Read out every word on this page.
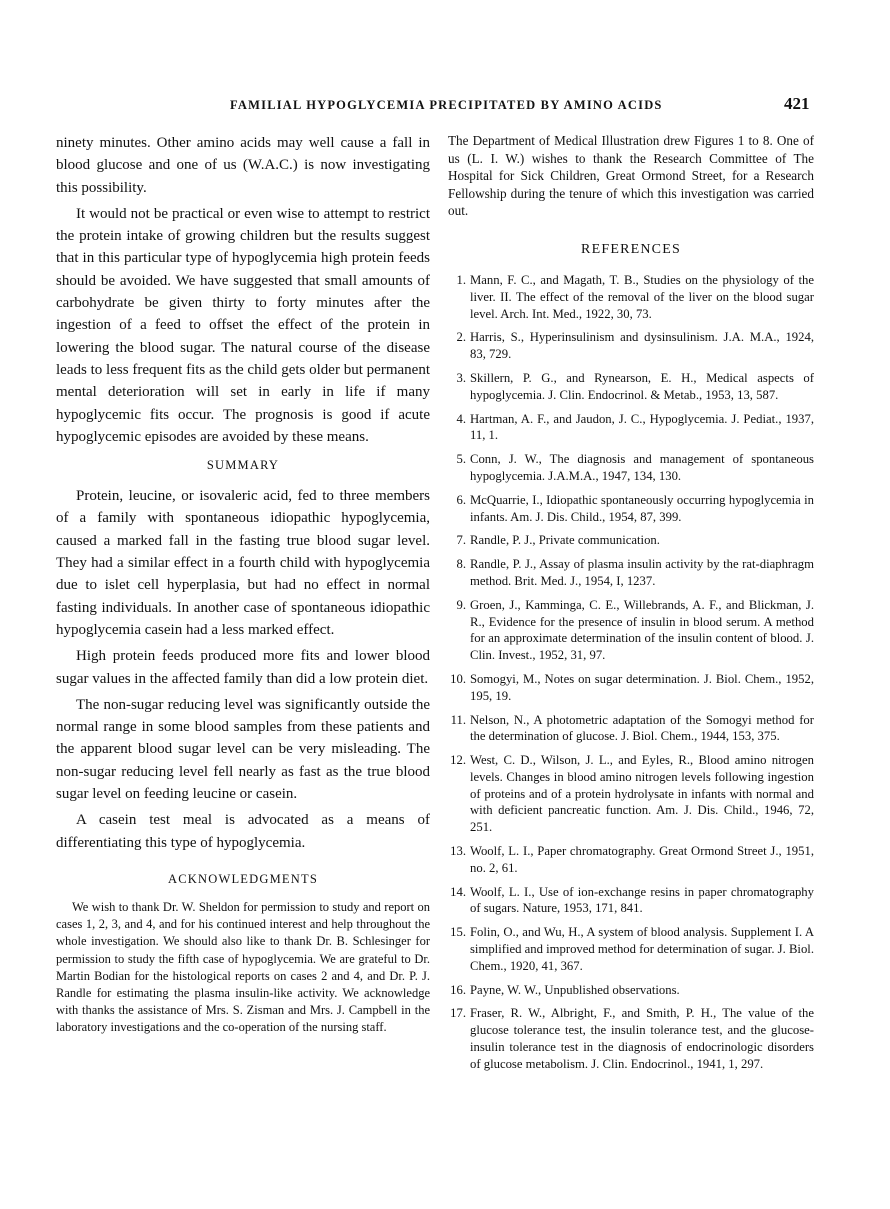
FAMILIAL HYPOGLYCEMIA PRECIPITATED BY AMINO ACIDS	421

ninety minutes. Other amino acids may well cause a fall in blood glucose and one of us (W.A.C.) is now investigating this possibility.

It would not be practical or even wise to attempt to restrict the protein intake of growing children but the results suggest that in this particular type of hypoglycemia high protein feeds should be avoided. We have suggested that small amounts of carbohydrate be given thirty to forty minutes after the ingestion of a feed to offset the effect of the protein in lowering the blood sugar. The natural course of the disease leads to less frequent fits as the child gets older but permanent mental deterioration will set in early in life if many hypoglycemic fits occur. The prognosis is good if acute hypoglycemic episodes are avoided by these means.

SUMMARY

Protein, leucine, or isovaleric acid, fed to three members of a family with spontaneous idiopathic hypoglycemia, caused a marked fall in the fasting true blood sugar level. They had a similar effect in a fourth child with hypoglycemia due to islet cell hyperplasia, but had no effect in normal fasting individuals. In another case of spontaneous idiopathic hypoglycemia casein had a less marked effect.

High protein feeds produced more fits and lower blood sugar values in the affected family than did a low protein diet.

The non-sugar reducing level was significantly outside the normal range in some blood samples from these patients and the apparent blood sugar level can be very misleading. The non-sugar reducing level fell nearly as fast as the true blood sugar level on feeding leucine or casein.

A casein test meal is advocated as a means of differentiating this type of hypoglycemia.

ACKNOWLEDGMENTS

We wish to thank Dr. W. Sheldon for permission to study and report on cases 1, 2, 3, and 4, and for his continued interest and help throughout the whole investigation. We should also like to thank Dr. B. Schlesinger for permission to study the fifth case of hypoglycemia. We are grateful to Dr. Martin Bodian for the histological reports on cases 2 and 4, and Dr. P. J. Randle for estimating the plasma insulin-like activity. We acknowledge with thanks the assistance of Mrs. S. Zisman and Mrs. J. Campbell in the laboratory investigations and the co-operation of the nursing staff.

The Department of Medical Illustration drew Figures 1 to 8. One of us (L. I. W.) wishes to thank the Research Committee of The Hospital for Sick Children, Great Ormond Street, for a Research Fellowship during the tenure of which this investigation was carried out.

REFERENCES
1. Mann, F. C., and Magath, T. B., Studies on the physiology of the liver. II. The effect of the removal of the liver on the blood sugar level. Arch. Int. Med., 1922, 30, 73.
2. Harris, S., Hyperinsulinism and dysinsulinism. J.A. M.A., 1924, 83, 729.
3. Skillern, P. G., and Rynearson, E. H., Medical aspects of hypoglycemia. J. Clin. Endocrinol. & Metab., 1953, 13, 587.
4. Hartman, A. F., and Jaudon, J. C., Hypoglycemia. J. Pediat., 1937, 11, 1.
5. Conn, J. W., The diagnosis and management of spontaneous hypoglycemia. J.A.M.A., 1947, 134, 130.
6. McQuarrie, I., Idiopathic spontaneously occurring hypoglycemia in infants. Am. J. Dis. Child., 1954, 87, 399.
7. Randle, P. J., Private communication.
8. Randle, P. J., Assay of plasma insulin activity by the rat-diaphragm method. Brit. Med. J., 1954, I, 1237.
9. Groen, J., Kamminga, C. E., Willebrands, A. F., and Blickman, J. R., Evidence for the presence of insulin in blood serum. A method for an approximate determination of the insulin content of blood. J. Clin. Invest., 1952, 31, 97.
10. Somogyi, M., Notes on sugar determination. J. Biol. Chem., 1952, 195, 19.
11. Nelson, N., A photometric adaptation of the Somogyi method for the determination of glucose. J. Biol. Chem., 1944, 153, 375.
12. West, C. D., Wilson, J. L., and Eyles, R., Blood amino nitrogen levels. Changes in blood amino nitrogen levels following ingestion of proteins and of a protein hydrolysate in infants with normal and with deficient pancreatic function. Am. J. Dis. Child., 1946, 72, 251.
13. Woolf, L. I., Paper chromatography. Great Ormond Street J., 1951, no. 2, 61.
14. Woolf, L. I., Use of ion-exchange resins in paper chromatography of sugars. Nature, 1953, 171, 841.
15. Folin, O., and Wu, H., A system of blood analysis. Supplement I. A simplified and improved method for determination of sugar. J. Biol. Chem., 1920, 41, 367.
16. Payne, W. W., Unpublished observations.
17. Fraser, R. W., Albright, F., and Smith, P. H., The value of the glucose tolerance test, the insulin tolerance test, and the glucose-insulin tolerance test in the diagnosis of endocrinologic disorders of glucose metabolism. J. Clin. Endocrinol., 1941, 1, 297.
